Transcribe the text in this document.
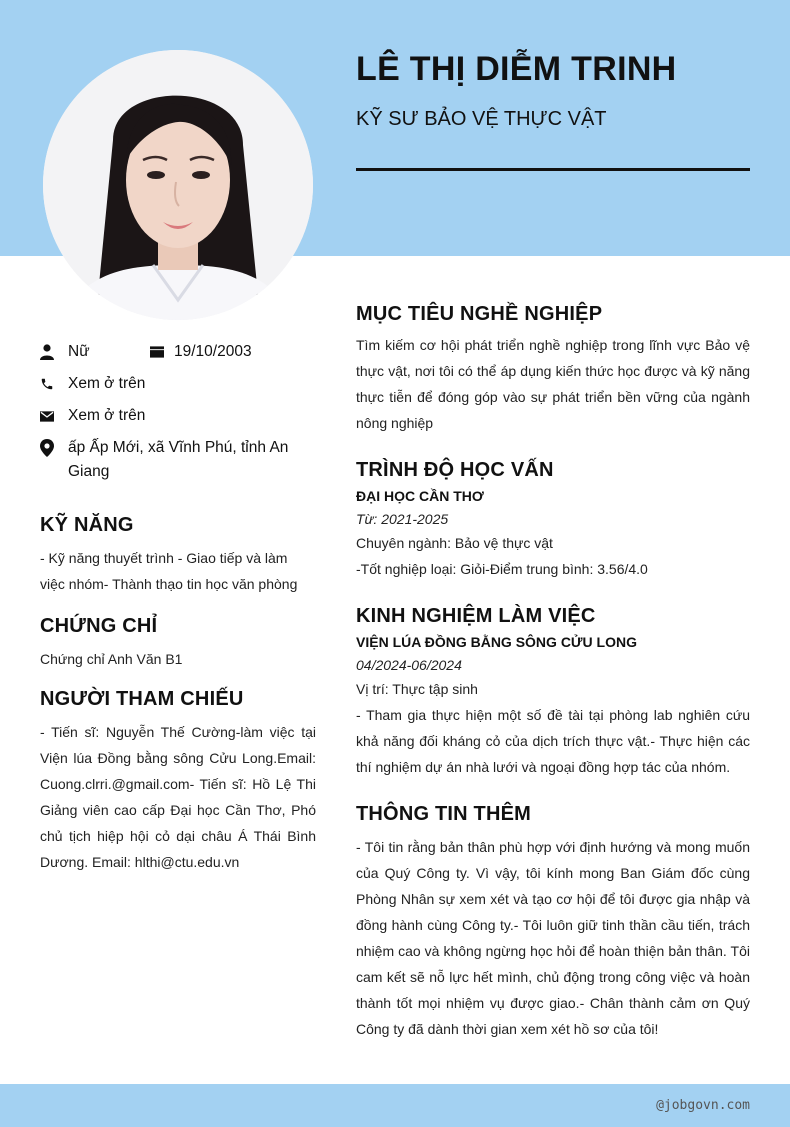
LÊ THỊ DIỄM TRINH
KỸ SƯ BẢO VỆ THỰC VẬT
Nữ	19/10/2003
Xem ở trên
Xem ở trên
ấp Ấp Mới, xã Vĩnh Phú, tỉnh An Giang
KỸ NĂNG
- Kỹ năng thuyết trình - Giao tiếp và làm việc nhóm- Thành thạo tin học văn phòng
CHỨNG CHỈ
Chứng chỉ Anh Văn B1
NGƯỜI THAM CHIẾU
- Tiến sĩ: Nguyễn Thế Cường-làm việc tại Viện lúa Đồng bằng sông Cửu Long.Email: Cuong.clrri.@gmail.com- Tiến sĩ: Hồ Lệ Thi Giảng viên cao cấp Đại học Cần Thơ, Phó chủ tịch hiệp hội cỏ dại châu Á Thái Bình Dương. Email: hlthi@ctu.edu.vn
MỤC TIÊU NGHỀ NGHIỆP
Tìm kiếm cơ hội phát triển nghề nghiệp trong lĩnh vực Bảo vệ thực vật, nơi tôi có thể áp dụng kiến thức học được và kỹ năng thực tiễn để đóng góp vào sự phát triển bền vững của ngành nông nghiệp
TRÌNH ĐỘ HỌC VẤN
ĐẠI HỌC CẦN THƠ
Từ: 2021-2025
Chuyên ngành: Bảo vệ thực vật
-Tốt nghiệp loại: Giỏi-Điểm trung bình: 3.56/4.0
KINH NGHIỆM LÀM VIỆC
VIỆN LÚA ĐỒNG BẰNG SÔNG CỬU LONG
04/2024-06/2024
Vị trí: Thực tập sinh
- Tham gia thực hiện một số đề tài tại phòng lab nghiên cứu khả năng đối kháng cỏ của dịch trích thực vật.- Thực hiện các thí nghiệm dự án nhà lưới và ngoại đồng hợp tác của nhóm.
THÔNG TIN THÊM
- Tôi tin rằng bản thân phù hợp với định hướng và mong muốn của Quý Công ty. Vì vậy, tôi kính mong Ban Giám đốc cùng Phòng Nhân sự xem xét và tạo cơ hội để tôi được gia nhập và đồng hành cùng Công ty.- Tôi luôn giữ tinh thần cầu tiến, trách nhiệm cao và không ngừng học hỏi để hoàn thiện bản thân. Tôi cam kết sẽ nỗ lực hết mình, chủ động trong công việc và hoàn thành tốt mọi nhiệm vụ được giao.- Chân thành cảm ơn Quý Công ty đã dành thời gian xem xét hồ sơ của tôi!
@jobgovn.com
